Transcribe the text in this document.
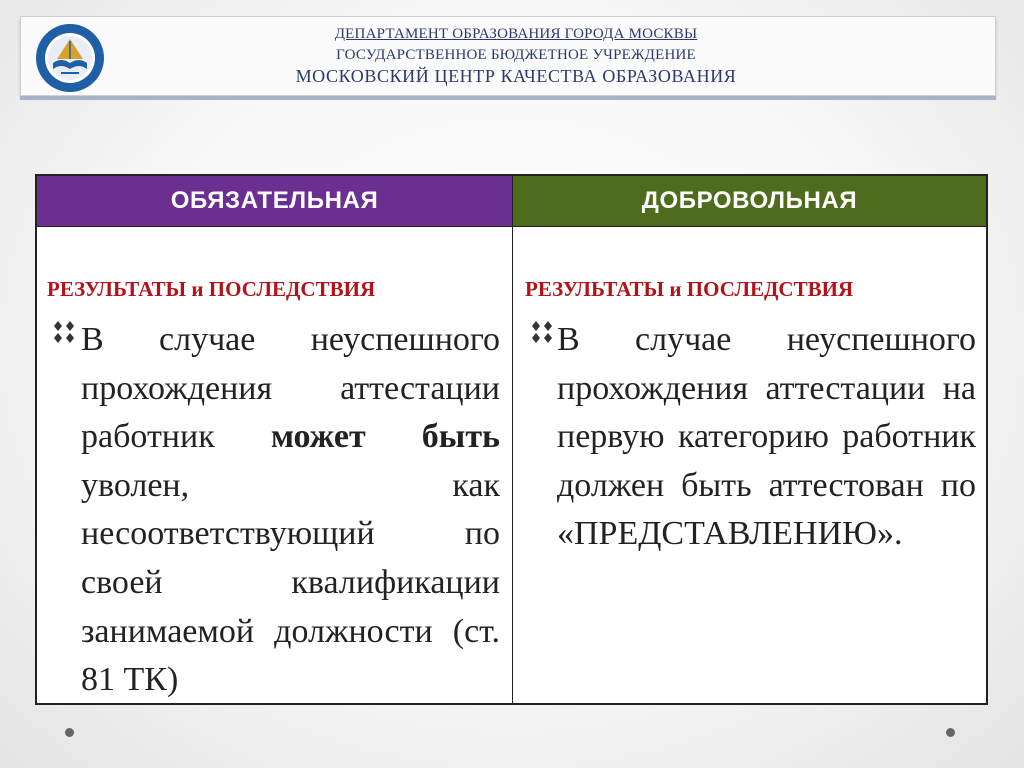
ДЕПАРТАМЕНТ ОБРАЗОВАНИЯ ГОРОДА МОСКВЫ
ГОСУДАРСТВЕННОЕ БЮДЖЕТНОЕ УЧРЕЖДЕНИЕ
МОСКОВСКИЙ ЦЕНТР КАЧЕСТВА ОБРАЗОВАНИЯ
ОБЯЗАТЕЛЬНАЯ
РЕЗУЛЬТАТЫ и ПОСЛЕДСТВИЯ
В случае неуспешного прохождения аттестации работник может быть уволен, как несоответствующий по своей квалификации занимаемой должности (ст. 81 ТК)
ДОБРОВОЛЬНАЯ
РЕЗУЛЬТАТЫ и ПОСЛЕДСТВИЯ
В случае неуспешного прохождения аттестации на первую категорию работник должен быть аттестован по «ПРЕДСТАВЛЕНИЮ».
